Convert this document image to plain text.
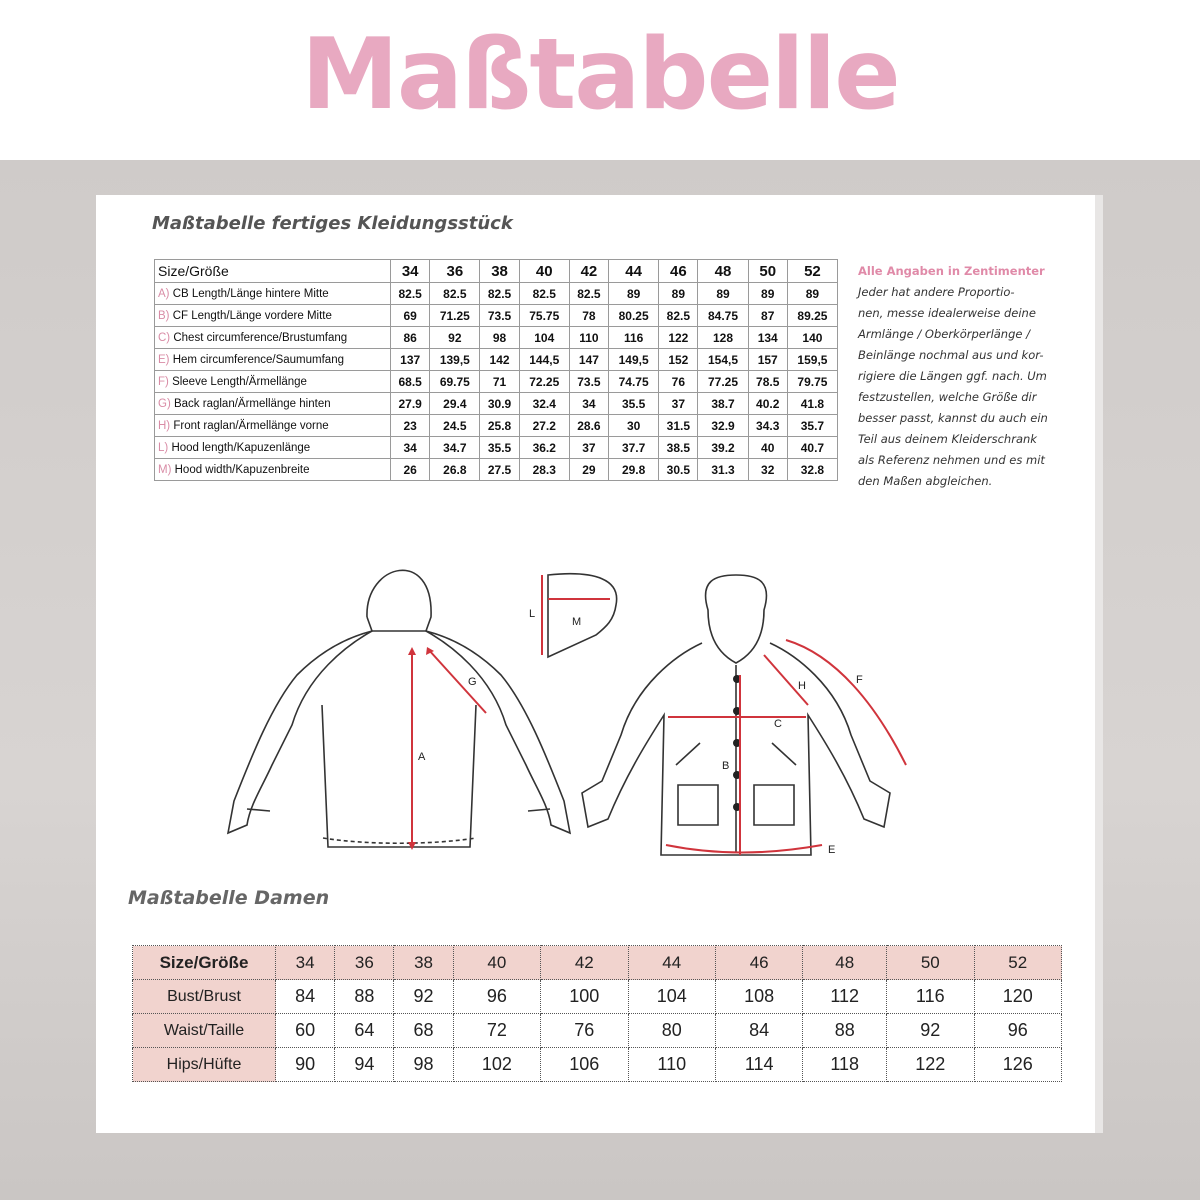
Maßtabelle
Maßtabelle fertiges Kleidungsstück
Size/Größe	34	36	38	40	42	44	46	48	50	52
A) CB Length/Länge hintere Mitte	82.5	82.5	82.5	82.5	82.5	89	89	89	89	89
B) CF Length/Länge vordere Mitte	69	71.25	73.5	75.75	78	80.25	82.5	84.75	87	89.25
C) Chest circumference/Brustumfang	86	92	98	104	110	116	122	128	134	140
E) Hem circumference/Saumumfang	137	139,5	142	144,5	147	149,5	152	154,5	157	159,5
F) Sleeve Length/Ärmellänge	68.5	69.75	71	72.25	73.5	74.75	76	77.25	78.5	79.75
G) Back raglan/Ärmellänge hinten	27.9	29.4	30.9	32.4	34	35.5	37	38.7	40.2	41.8
H) Front raglan/Ärmellänge vorne	23	24.5	25.8	27.2	28.6	30	31.5	32.9	34.3	35.7
L) Hood length/Kapuzenlänge	34	34.7	35.5	36.2	37	37.7	38.5	39.2	40	40.7
M) Hood width/Kapuzenbreite	26	26.8	27.5	28.3	29	29.8	30.5	31.3	32	32.8
Alle Angaben in Zentimenter
Jeder hat andere Proportio-
nen, messe idealerweise deine
Armlänge / Oberkörperlänge /
Beinlänge nochmal aus und kor-
rigiere die Längen ggf. nach. Um
festzustellen, welche Größe dir
besser passt, kannst du auch ein
Teil aus deinem Kleiderschrank
als Referenz nehmen und es mit
den Maßen abgleichen.
A
G
L
M
C
B
H	F
E
Maßtabelle Damen
Size/Größe	34	36	38	40	42	44	46	48	50	52
Bust/Brust	84	88	92	96	100	104	108	112	116	120
Waist/Taille	60	64	68	72	76	80	84	88	92	96
Hips/Hüfte	90	94	98	102	106	110	114	118	122	126
